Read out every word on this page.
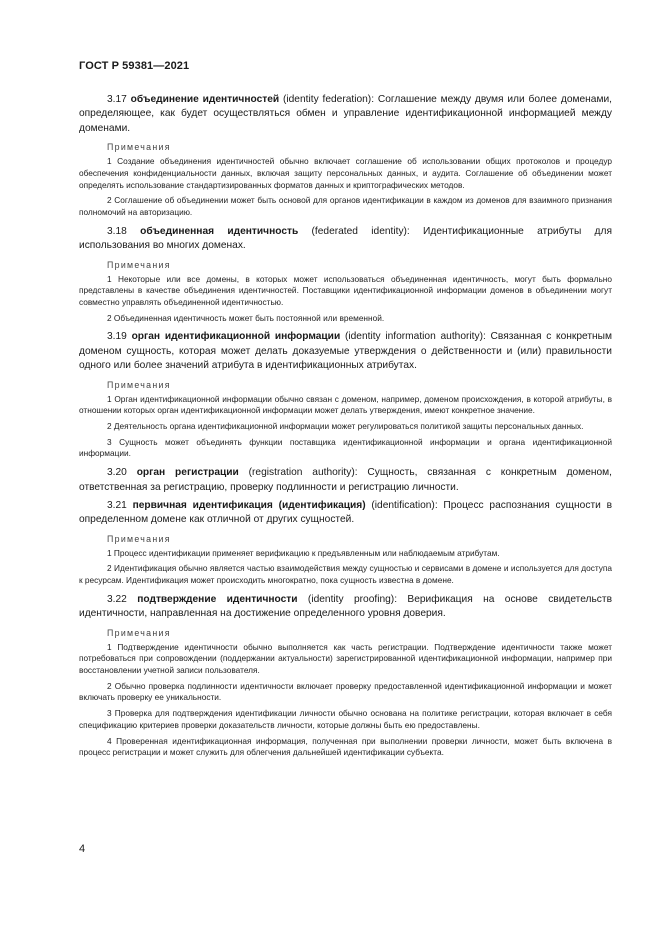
ГОСТ Р 59381—2021

3.17 объединение идентичностей (identity federation): Соглашение между двумя или более доменами, определяющее, как будет осуществляться обмен и управление идентификационной информацией между доменами.

Примечания

1 Создание объединения идентичностей обычно включает соглашение об использовании общих протоколов и процедур обеспечения конфиденциальности данных, включая защиту персональных данных, и аудита. Соглашение об объединении может определять использование стандартизированных форматов данных и криптографических методов.

2 Соглашение об объединении может быть основой для органов идентификации в каждом из доменов для взаимного признания полномочий на авторизацию.

3.18 объединенная идентичность (federated identity): Идентификационные атрибуты для использования во многих доменах.

Примечания

1 Некоторые или все домены, в которых может использоваться объединенная идентичность, могут быть формально представлены в качестве объединения идентичностей. Поставщики идентификационной информации доменов в объединении могут совместно управлять объединенной идентичностью.

2 Объединенная идентичность может быть постоянной или временной.

3.19 орган идентификационной информации (identity information authority): Связанная с конкретным доменом сущность, которая может делать доказуемые утверждения о действенности и (или) правильности одного или более значений атрибута в идентификационных атрибутах.

Примечания

1 Орган идентификационной информации обычно связан с доменом, например, доменом происхождения, в которой атрибуты, в отношении которых орган идентификационной информации может делать утверждения, имеют конкретное значение.

2 Деятельность органа идентификационной информации может регулироваться политикой защиты персональных данных.

3 Сущность может объединять функции поставщика идентификационной информации и органа идентификационной информации.

3.20 орган регистрации (registration authority): Сущность, связанная с конкретным доменом, ответственная за регистрацию, проверку подлинности и регистрацию личности.

3.21 первичная идентификация (идентификация) (identification): Процесс распознания сущности в определенном домене как отличной от других сущностей.

Примечания

1 Процесс идентификации применяет верификацию к предъявленным или наблюдаемым атрибутам.

2 Идентификация обычно является частью взаимодействия между сущностью и сервисами в домене и используется для доступа к ресурсам. Идентификация может происходить многократно, пока сущность известна в домене.

3.22 подтверждение идентичности (identity proofing): Верификация на основе свидетельств идентичности, направленная на достижение определенного уровня доверия.

Примечания

1 Подтверждение идентичности обычно выполняется как часть регистрации. Подтверждение идентичности также может потребоваться при сопровождении (поддержании актуальности) зарегистрированной идентификационной информации, например при восстановлении учетной записи пользователя.

2 Обычно проверка подлинности идентичности включает проверку предоставленной идентификационной информации и может включать проверку ее уникальности.

3 Проверка для подтверждения идентификации личности обычно основана на политике регистрации, которая включает в себя спецификацию критериев проверки доказательств личности, которые должны быть ею предоставлены.

4 Проверенная идентификационная информация, полученная при выполнении проверки личности, может быть включена в процесс регистрации и может служить для облегчения дальнейшей идентификации субъекта.

4
